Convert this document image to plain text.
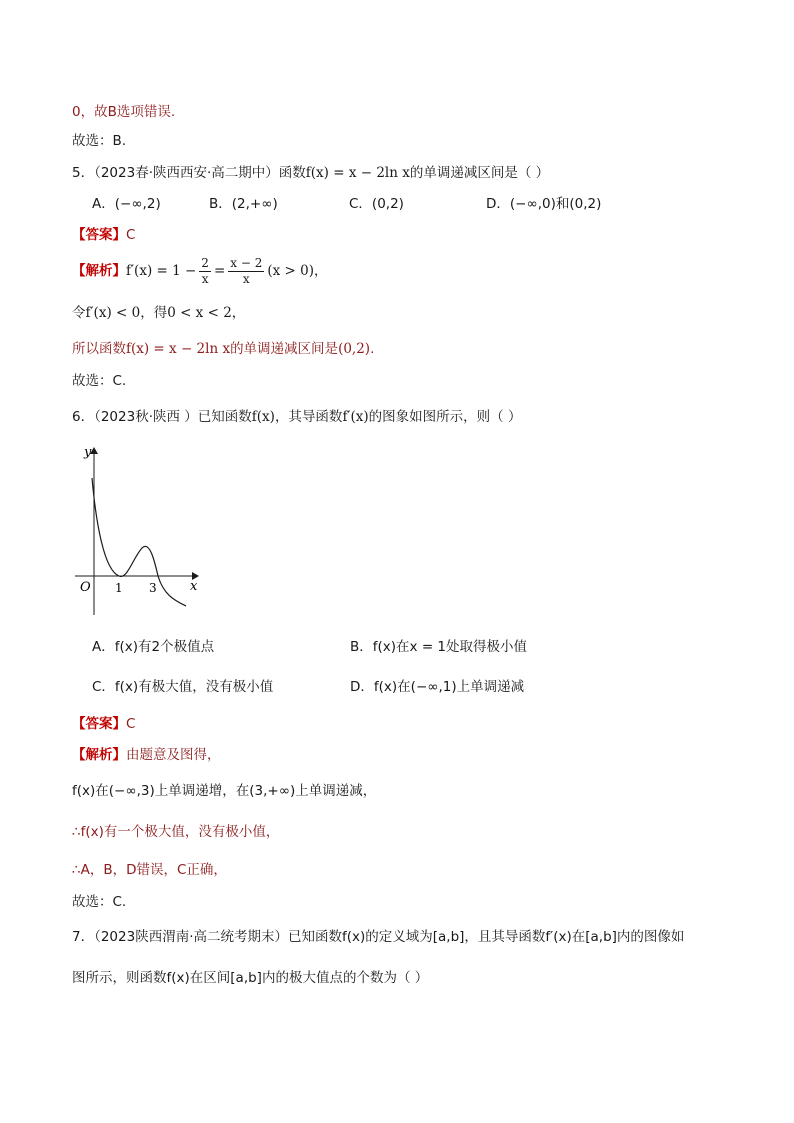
0，故B选项错误.
故选：B.
5．（2023春·陕西西安·高二期中）函数f(x) = x − 2ln x的单调递减区间是（ ）
A．(−∞,2)	B．(2,+∞)	C．(0,2)	D．(−∞,0)和(0,2)
【答案】C
【解析】 $f'(x) = 1 - \frac{2}{x} = \frac{x - 2}{x} (x > 0)$，
令f′(x) < 0，得0 < x < 2，
所以函数f(x) = x − 2ln x的单调递减区间是(0,2).
故选：C.
6．（2023秋·陕西 ）已知函数f(x)，其导函数f′(x)的图象如图所示，则（ ）
y
x
O 1 3
A．f(x)有2个极值点	B．f(x)在x = 1处取得极小值
C．f(x)有极大值，没有极小值	D．f(x)在(−∞,1)上单调递减
【答案】C
【解析】由题意及图得，
f(x)在(−∞,3)上单调递增，在(3,+∞)上单调递减，
∴f(x)有一个极大值，没有极小值，
∴A，B，D错误，C正确，
故选：C.
7．（2023陕西渭南·高二统考期末）已知函数f(x)的定义域为[a,b]，且其导函数f′(x)在[a,b]内的图像如
图所示，则函数f(x)在区间[a,b]内的极大值点的个数为（ ）
